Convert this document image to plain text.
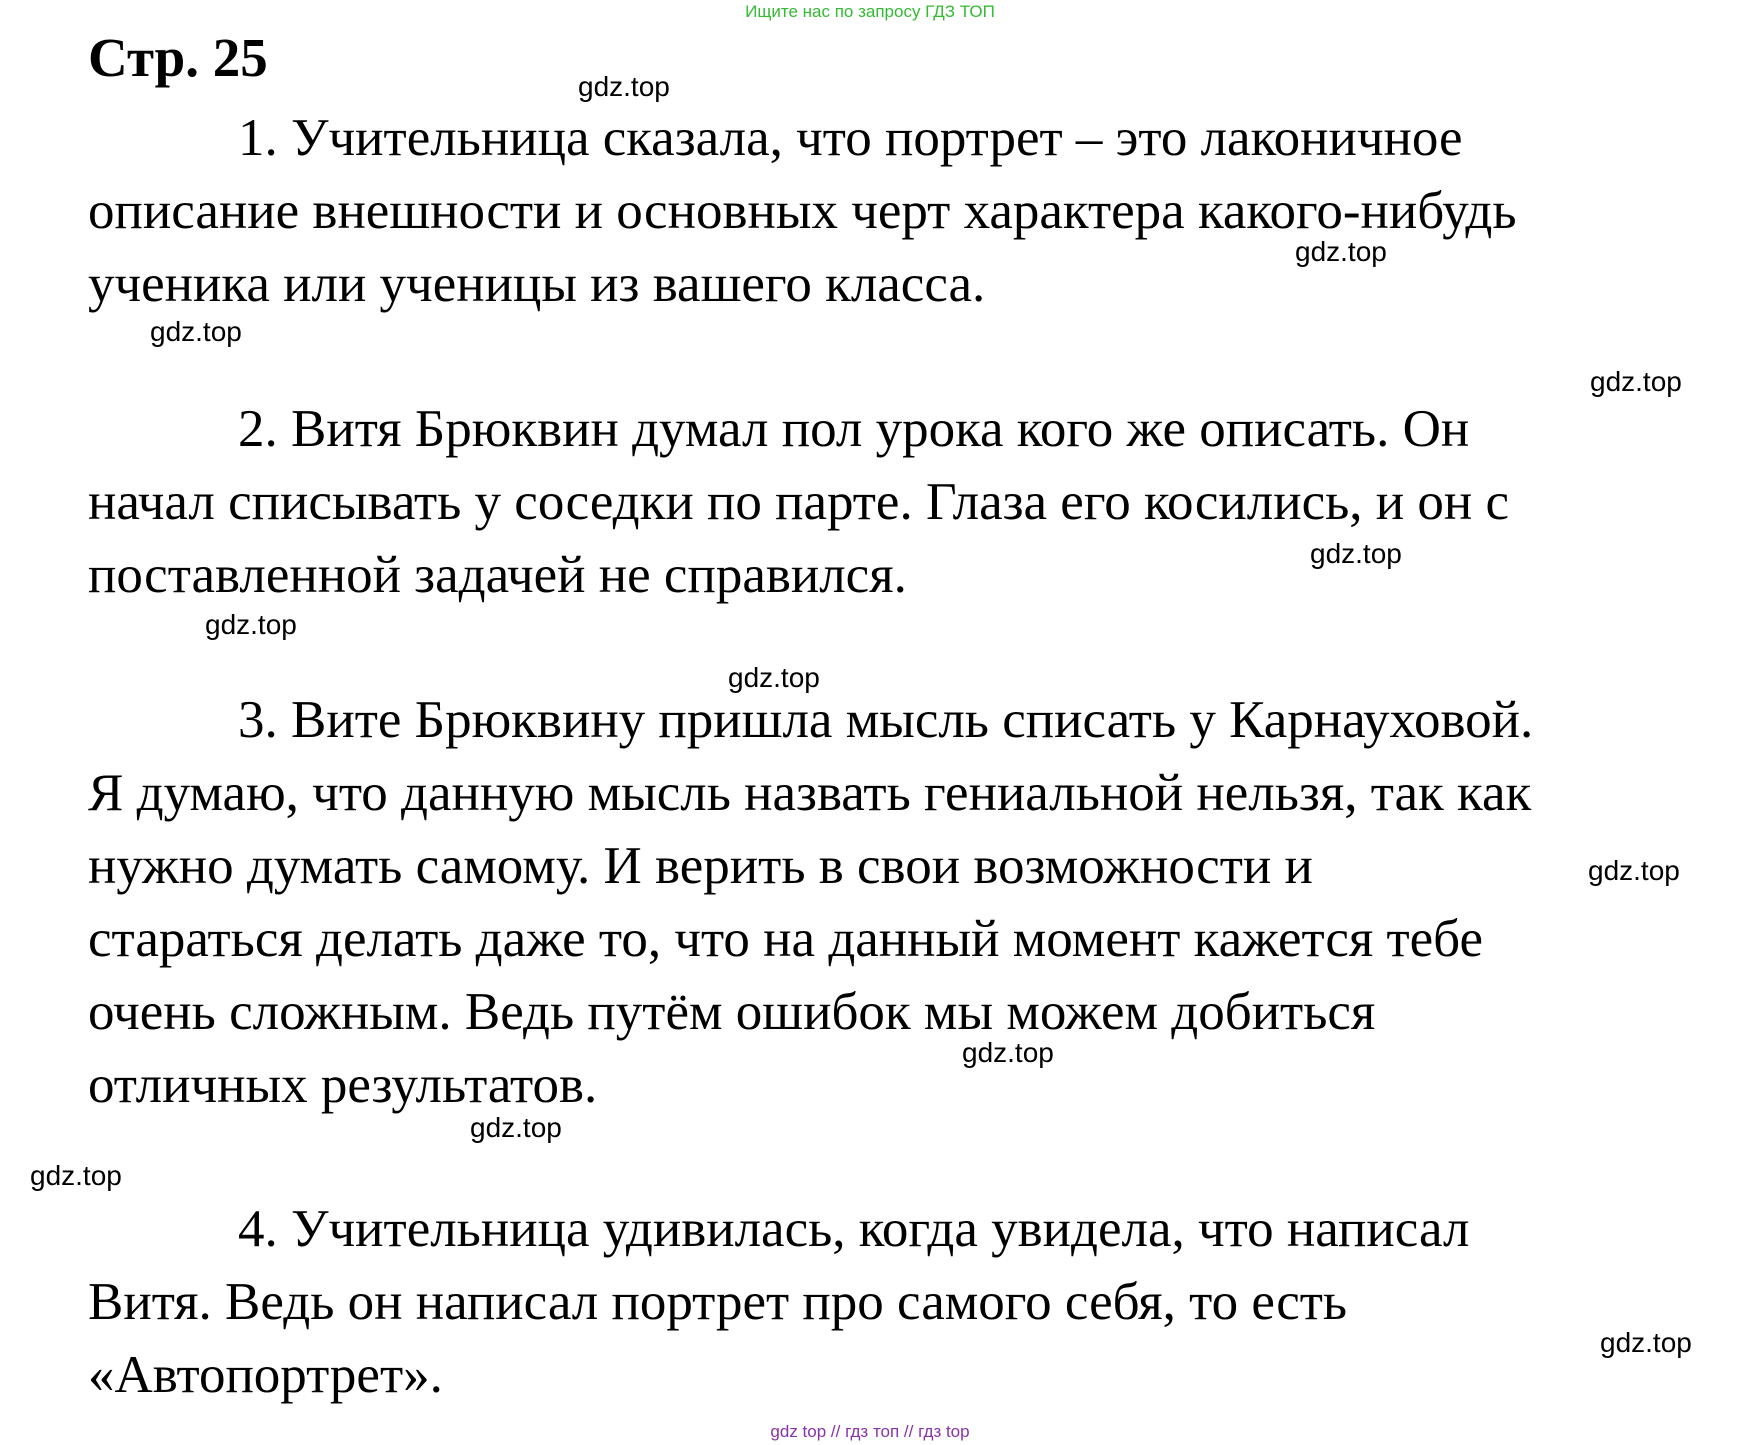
Ищите нас по запросу ГДЗ ТОП
Стр. 25

1. Учительница сказала, что портрет – это лаконичное
описание внешности и основных черт характера какого-нибудь
ученика или ученицы из вашего класса.

2. Витя Брюквин думал пол урока кого же описать. Он
начал списывать у соседки по парте. Глаза его косились, и он с
поставленной задачей не справился.

3. Вите Брюквину пришла мысль списать у Карнауховой.
Я думаю, что данную мысль назвать гениальной нельзя, так как
нужно думать самому. И верить в свои возможности и
стараться делать даже то, что на данный момент кажется тебе
очень сложным. Ведь путём ошибок мы можем добиться
отличных результатов.

4. Учительница удивилась, когда увидела, что написал
Витя. Ведь он написал портрет про самого себя, то есть
«Автопортрет».

gdz.top
gdz.top
gdz.top
gdz.top
gdz.top
gdz.top
gdz.top
gdz.top
gdz.top
gdz.top
gdz.top
gdz.top
gdz top // гдз топ // гдз top
